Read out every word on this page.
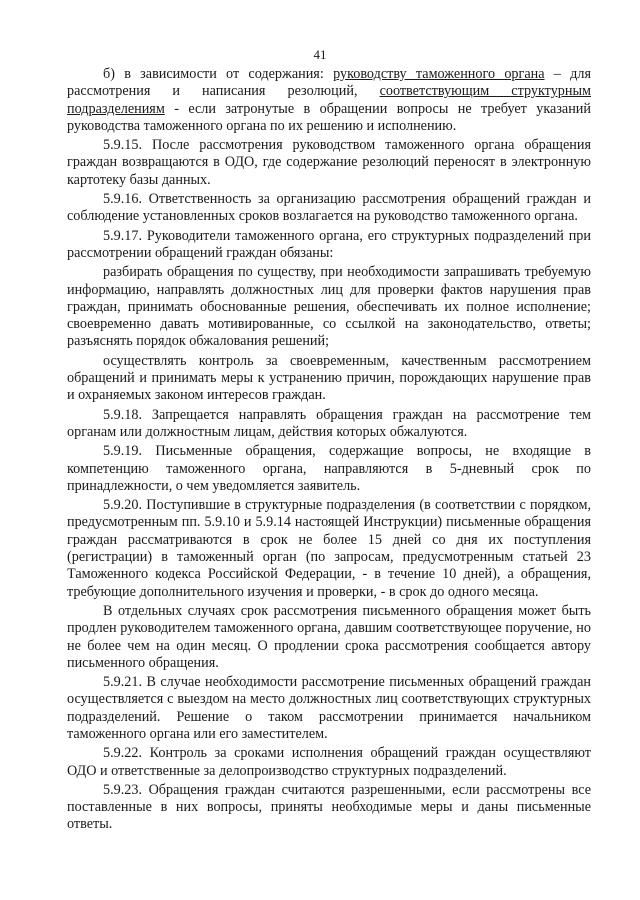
41

б) в зависимости от содержания: руководству таможенного органа – для рассмотрения и написания резолюций, соответствующим структурным подразделениям - если затронутые в обращении вопросы не требует указаний руководства таможенного органа по их решению и исполнению.

5.9.15. После рассмотрения руководством таможенного органа обращения граждан возвращаются в ОДО, где содержание резолюций переносят в электронную картотеку базы данных.

5.9.16. Ответственность за организацию рассмотрения обращений граждан и соблюдение установленных сроков возлагается на руководство таможенного органа.

5.9.17. Руководители таможенного органа, его структурных подразделений при рассмотрении обращений граждан обязаны:

разбирать обращения по существу, при необходимости запрашивать требуемую информацию, направлять должностных лиц для проверки фактов нарушения прав граждан, принимать обоснованные решения, обеспечивать их полное исполнение; своевременно давать мотивированные, со ссылкой на законодательство, ответы; разъяснять порядок обжалования решений;

осуществлять контроль за своевременным, качественным рассмотрением обращений и принимать меры к устранению причин, порождающих нарушение прав и охраняемых законом интересов граждан.

5.9.18. Запрещается направлять обращения граждан на рассмотрение тем органам или должностным лицам, действия которых обжалуются.

5.9.19. Письменные обращения, содержащие вопросы, не входящие в компетенцию таможенного органа, направляются в 5-дневный срок по принадлежности, о чем уведомляется заявитель.

5.9.20. Поступившие в структурные подразделения (в соответствии с порядком, предусмотренным пп. 5.9.10 и 5.9.14 настоящей Инструкции) письменные обращения граждан рассматриваются в срок не более 15 дней со дня их поступления (регистрации) в таможенный орган (по запросам, предусмотренным статьей 23 Таможенного кодекса Российской Федерации, - в течение 10 дней), а обращения, требующие дополнительного изучения и проверки, - в срок до одного месяца.

В отдельных случаях срок рассмотрения письменного обращения может быть продлен руководителем таможенного органа, давшим соответствующее поручение, но не более чем на один месяц. О продлении срока рассмотрения сообщается автору письменного обращения.

5.9.21. В случае необходимости рассмотрение письменных обращений граждан осуществляется с выездом на место должностных лиц соответствующих структурных подразделений. Решение о таком рассмотрении принимается начальником таможенного органа или его заместителем.

5.9.22. Контроль за сроками исполнения обращений граждан осуществляют ОДО и ответственные за делопроизводство структурных подразделений.

5.9.23. Обращения граждан считаются разрешенными, если рассмотрены все поставленные в них вопросы, приняты необходимые меры и даны письменные ответы.
